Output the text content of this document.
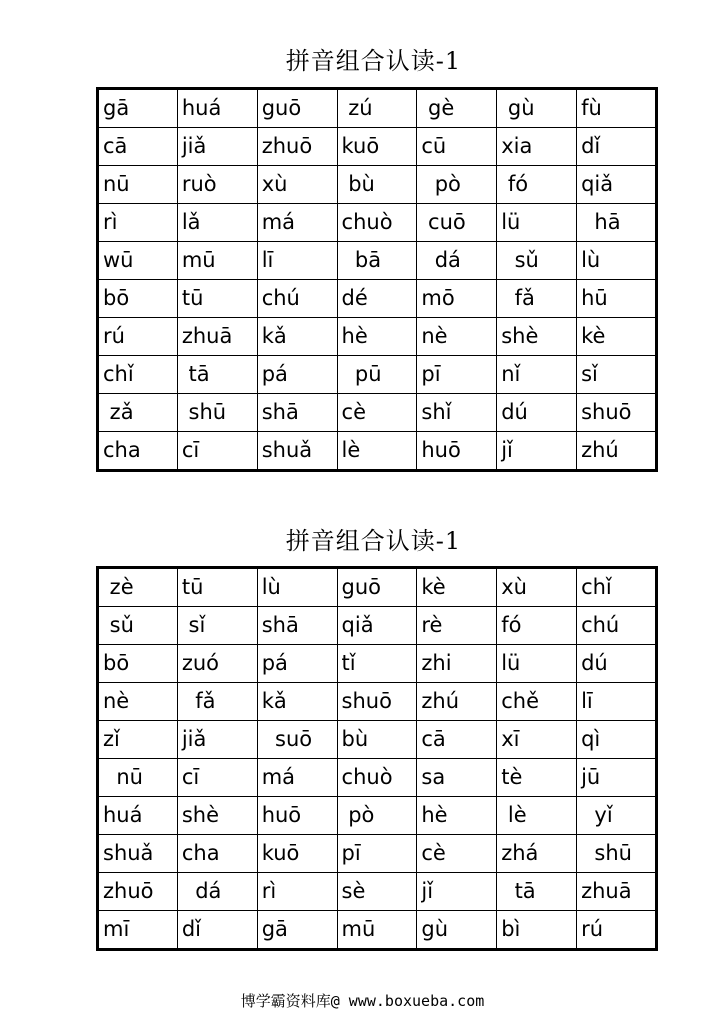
拼音组合认读-1
gā	huá	guō	zú	gè	gù	fù
cā	jiǎ	zhuō	kuō	cū	xia	dǐ
nū	ruò	xù	bù	pò	fó	qiǎ
rì	lǎ	má	chuò	cuō	lü	hā
wū	mū	lī	bā	dá	sǔ	lù
bō	tū	chú	dé	mō	fǎ	hū
rú	zhuā	kǎ	hè	nè	shè	kè
chǐ	tā	pá	pū	pī	nǐ	sǐ
zǎ	shū	shā	cè	shǐ	dú	shuō
cha	cī	shuǎ	lè	huō	jǐ	zhú
拼音组合认读-1
zè	tū	lù	guō	kè	xù	chǐ
sǔ	sǐ	shā	qiǎ	rè	fó	chú
bō	zuó	pá	tǐ	zhi	lü	dú
nè	fǎ	kǎ	shuō	zhú	chě	lī
zǐ	jiǎ	suō	bù	cā	xī	qì
nū	cī	má	chuò	sa	tè	jū
huá	shè	huō	pò	hè	lè	yǐ
shuǎ	cha	kuō	pī	cè	zhá	shū
zhuō	dá	rì	sè	jǐ	tā	zhuā
mī	dǐ	gā	mū	gù	bì	rú
博学霸资料库@ www.boxueba.com
